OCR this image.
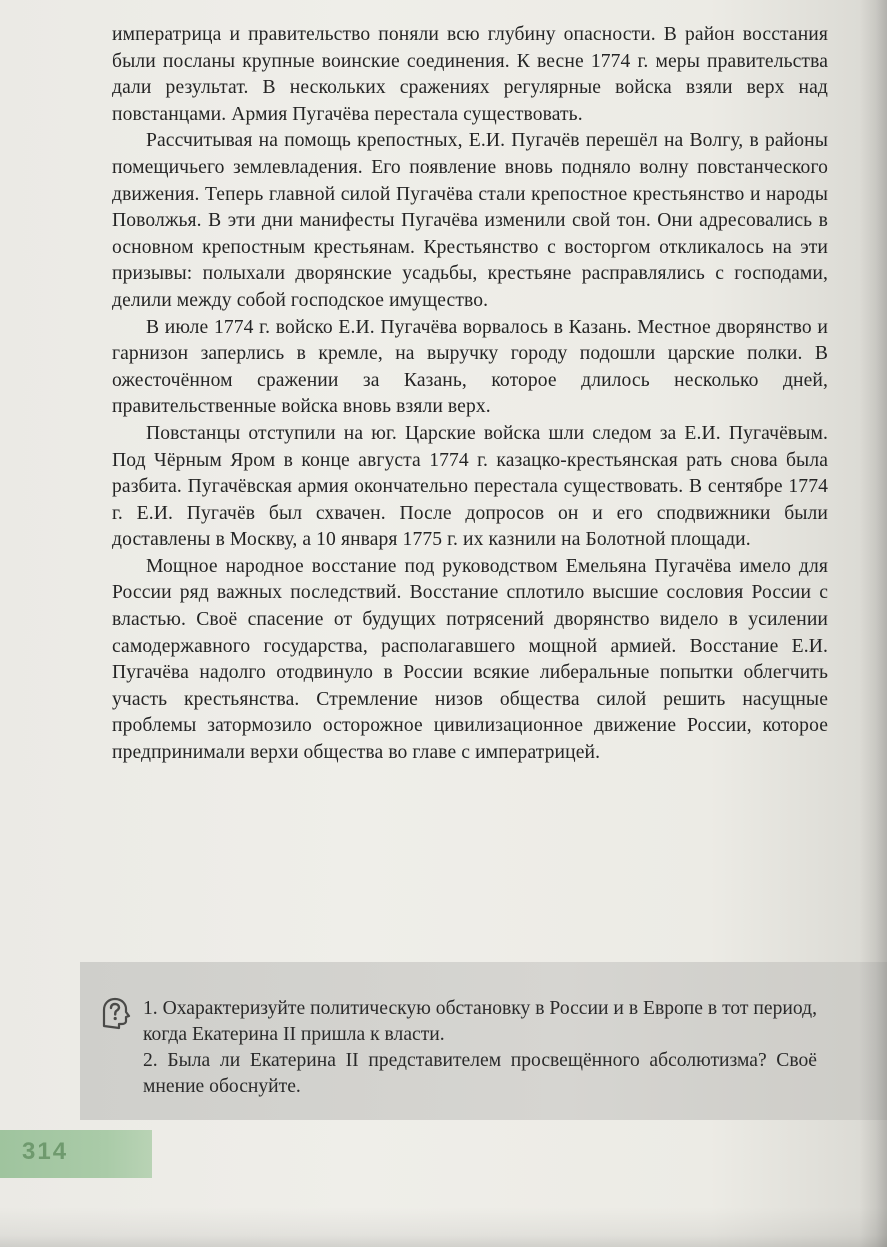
императрица и правительство поняли всю глубину опасности. В район восстания были посланы крупные воинские соединения. К весне 1774 г. меры правительства дали результат. В нескольких сражениях регулярные войска взяли верх над повстанцами. Армия Пугачёва перестала существовать.

Рассчитывая на помощь крепостных, Е.И. Пугачёв перешёл на Волгу, в районы помещичьего землевладения. Его появление вновь подняло волну повстанческого движения. Теперь главной силой Пугачёва стали крепостное крестьянство и народы Поволжья. В эти дни манифесты Пугачёва изменили свой тон. Они адресовались в основном крепостным крестьянам. Крестьянство с восторгом откликалось на эти призывы: полыхали дворянские усадьбы, крестьяне расправлялись с господами, делили между собой господское имущество.

В июле 1774 г. войско Е.И. Пугачёва ворвалось в Казань. Местное дворянство и гарнизон заперлись в кремле, на выручку городу подошли царские полки. В ожесточённом сражении за Казань, которое длилось несколько дней, правительственные войска вновь взяли верх.

Повстанцы отступили на юг. Царские войска шли следом за Е.И. Пугачёвым. Под Чёрным Яром в конце августа 1774 г. казацко-крестьянская рать снова была разбита. Пугачёвская армия окончательно перестала существовать. В сентябре 1774 г. Е.И. Пугачёв был схвачен. После допросов он и его сподвижники были доставлены в Москву, а 10 января 1775 г. их казнили на Болотной площади.

Мощное народное восстание под руководством Емельяна Пугачёва имело для России ряд важных последствий. Восстание сплотило высшие сословия России с властью. Своё спасение от будущих потрясений дворянство видело в усилении самодержавного государства, располагавшего мощной армией. Восстание Е.И. Пугачёва надолго отодвинуло в России всякие либеральные попытки облегчить участь крестьянства. Стремление низов общества силой решить насущные проблемы затормозило осторожное цивилизационное движение России, которое предпринимали верхи общества во главе с императрицей.

1. Охарактеризуйте политическую обстановку в России и в Европе в тот период, когда Екатерина II пришла к власти.

2. Была ли Екатерина II представителем просвещённого абсолютизма? Своё мнение обоснуйте.

314
